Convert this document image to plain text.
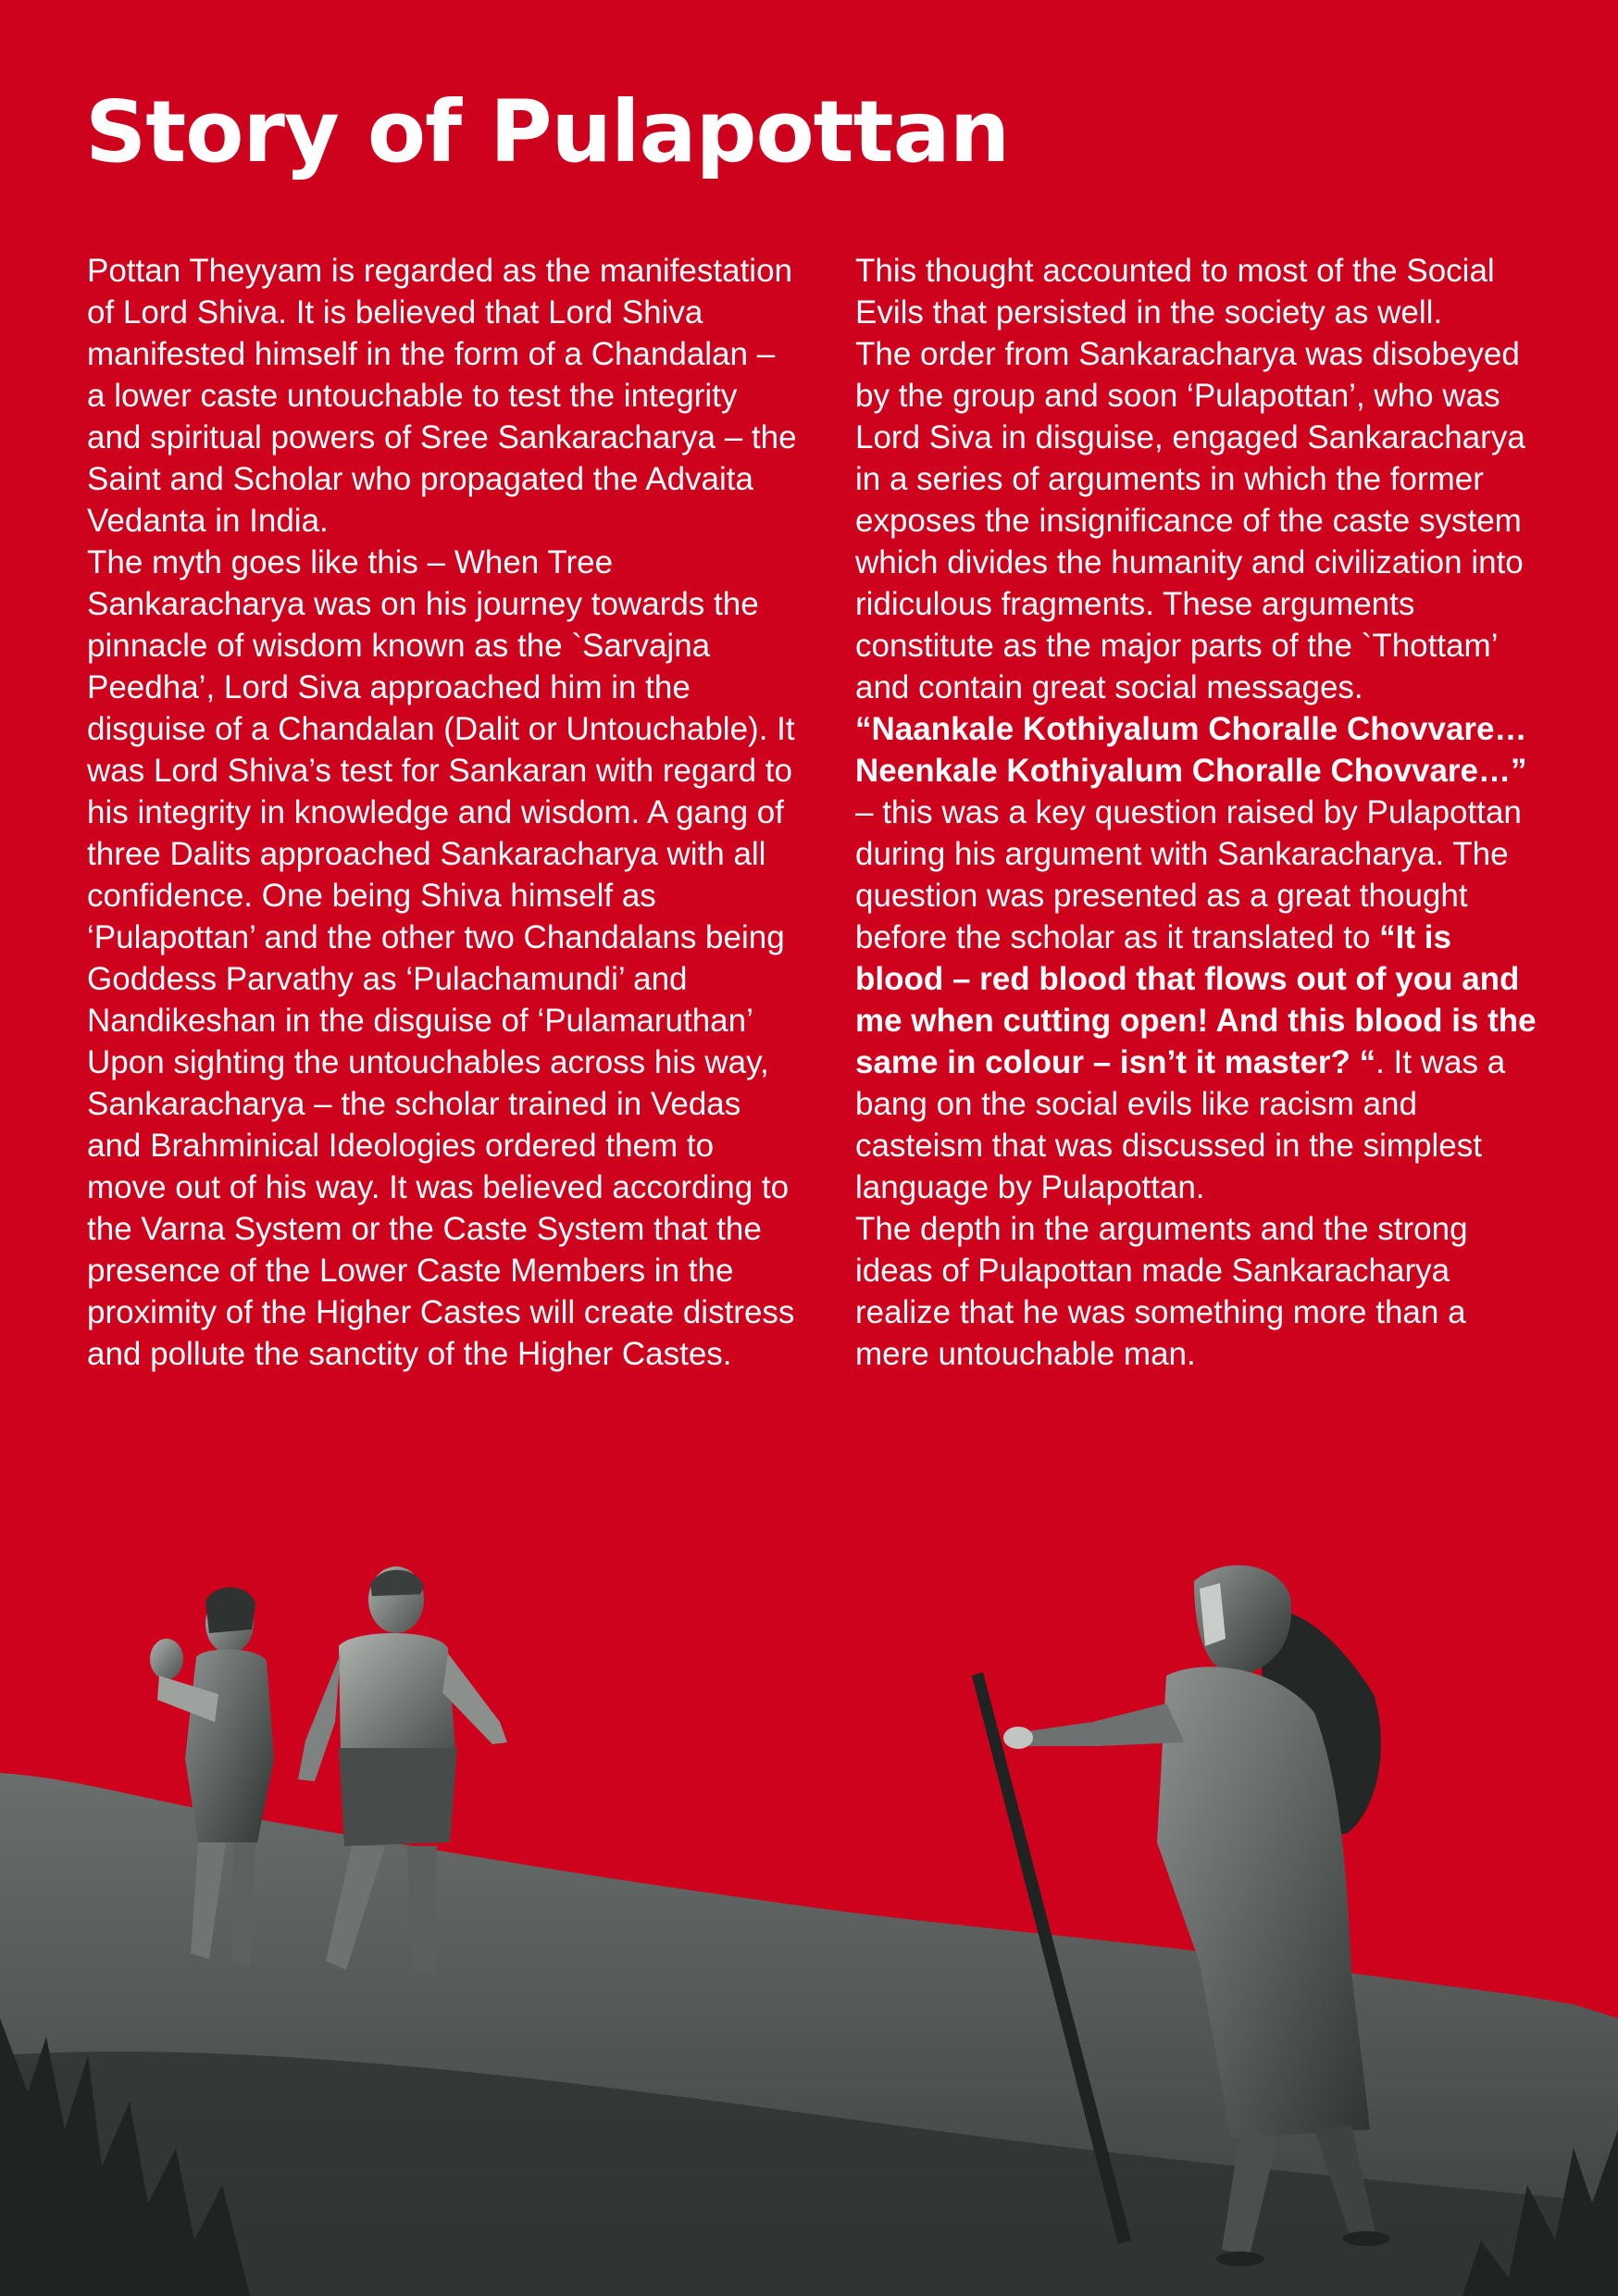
Story of Pulapottan

Pottan Theyyam is regarded as the manifestation of Lord Shiva. It is believed that Lord Shiva manifested himself in the form of a Chandalan – a lower caste untouchable to test the integrity and spiritual powers of Sree Sankaracharya – the Saint and Scholar who propagated the Advaita Vedanta in India.

The myth goes like this – When Tree Sankaracharya was on his journey towards the pinnacle of wisdom known as the `Sarvajna Peedha’, Lord Siva approached him in the disguise of a Chandalan (Dalit or Untouchable). It was Lord Shiva’s test for Sankaran with regard to his integrity in knowledge and wisdom. A gang of three Dalits approached Sankaracharya with all confidence. One being Shiva himself as ‘Pulapottan’ and the other two Chandalans being Goddess Parvathy as ‘Pulachamundi’ and Nandikeshan in the disguise of ‘Pulamaruthan’ Upon sighting the untouchables across his way, Sankaracharya – the scholar trained in Vedas and Brahminical Ideologies ordered them to move out of his way. It was believed according to the Varna System or the Caste System that the presence of the Lower Caste Members in the proximity of the Higher Castes will create distress and pollute the sanctity of the Higher Castes.

This thought accounted to most of the Social Evils that persisted in the society as well.

The order from Sankaracharya was disobeyed by the group and soon ‘Pulapottan’, who was Lord Siva in disguise, engaged Sankaracharya in a series of arguments in which the former exposes the insignificance of the caste system which divides the humanity and civilization into ridiculous fragments. These arguments constitute as the major parts of the `Thottam’ and contain great social messages.

“Naankale Kothiyalum Choralle Chovvare…Neenkale Kothiyalum Choralle Chovvare…” – this was a key question raised by Pulapottan during his argument with Sankaracharya. The question was presented as a great thought before the scholar as it translated to “It is blood – red blood that flows out of you and me when cutting open! And this blood is the same in colour – isn’t it master? “. It was a bang on the social evils like racism and casteism that was discussed in the simplest language by Pulapottan.

The depth in the arguments and the strong ideas of Pulapottan made Sankaracharya realize that he was something more than a mere untouchable man.
